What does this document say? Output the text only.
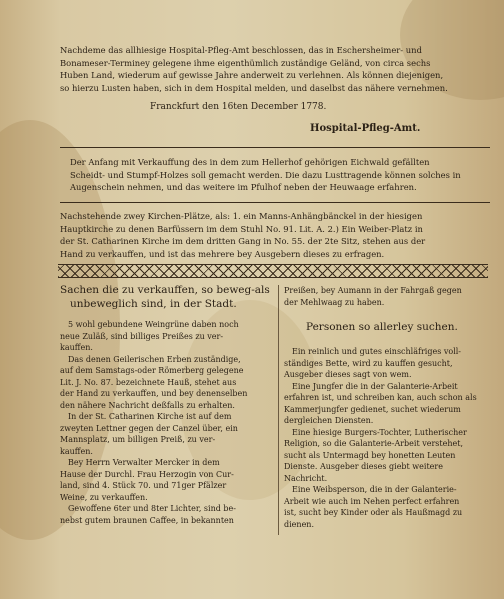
Nachdeme das allhiesige Hospital-Pfleg-Amt beschlossen, das in Eschersheimer- und
Bonameser-Terminey gelegene ihme eigenthümlich zuständige Geländ, von circa sechs
Huben Land, wiederum auf gewisse Jahre anderweit zu verlehnen. Als können diejenigen,
so hierzu Lusten haben, sich in dem Hospital melden, und daselbst das nähere vernehmen.
Franckfurt den 16ten December 1778.
Hospital-Pfleg-Amt.
Der Anfang mit Verkauffung des in dem zum Hellerhof gehörigen Eichwald gefällten
Scheidt- und Stumpf-Holzes soll gemacht werden. Die dazu Lusttragende können solches in
Augenschein nehmen, und das weitere im Pfulhof neben der Heuwaage erfahren.
Nachstehende zwey Kirchen-Plätze, als: 1. ein Manns-Anhängbänckel in der hiesigen
Hauptkirche zu denen Barfüssern im dem Stuhl No. 91. Lit. A. 2.) Ein Weiber-Platz in
der St. Catharinen Kirche im dem dritten Gang in No. 55. der 2te Sitz, stehen aus der
Hand zu verkauffen, und ist das mehrere bey Ausgebern dieses zu erfragen.
Sachen die zu verkauffen, so beweg-als
unbeweglich sind, in der Stadt.
5 wohl gebundene Weingrüne daben noch
neue Zuläß, sind billiges Preißes zu ver-
kauffen.
Das denen Geilerischen Erben zuständige,
auf dem Samstags-oder Römerberg gelegene
Lit. J. No. 87. bezeichnete Hauß, stehet aus
der Hand zu verkauffen, und bey denenselben
den nähere Nachricht deßfalls zu erhalten.
In der St. Catharinen Kirche ist auf dem
zweyten Lettner gegen der Canzel über, ein
Mannsplatz, um billigen Preiß, zu ver-
kauffen.
Bey Herrn Verwalter Mercker in dem
Hause der Durchl. Frau Herzogin von Cur-
land, sind 4. Stück 70. und 71ger Pfälzer
Weine, zu verkauffen.
Gewoffene 6ter und 8ter Lichter, sind be-
nebst gutem braunen Caffee, in bekannten
Preißen, bey Aumann in der Fahrgaß gegen
der Mehlwaag zu haben.
Personen so allerley suchen.
Ein reinlich und gutes einschläfriges voll-
ständiges Bette, wird zu kauffen gesucht,
Ausgeber dieses sagt von wem.
Eine Jungfer die in der Galanterie-Arbeit
erfahren ist, und schreiben kan, auch schon als
Kammerjungfer gedienet, suchet wiederum
dergleichen Diensten.
Eine hiesige Burgers-Tochter, Lutherischer
Religion, so die Galanterie-Arbeit verstehet,
sucht als Untermagd bey honetten Leuten
Dienste. Ausgeber dieses giebt weitere
Nachricht.
Eine Weibsperson, die in der Galanterie-
Arbeit wie auch im Nehen perfect erfahren
ist, sucht bey Kinder oder als Haußmagd zu
dienen.
